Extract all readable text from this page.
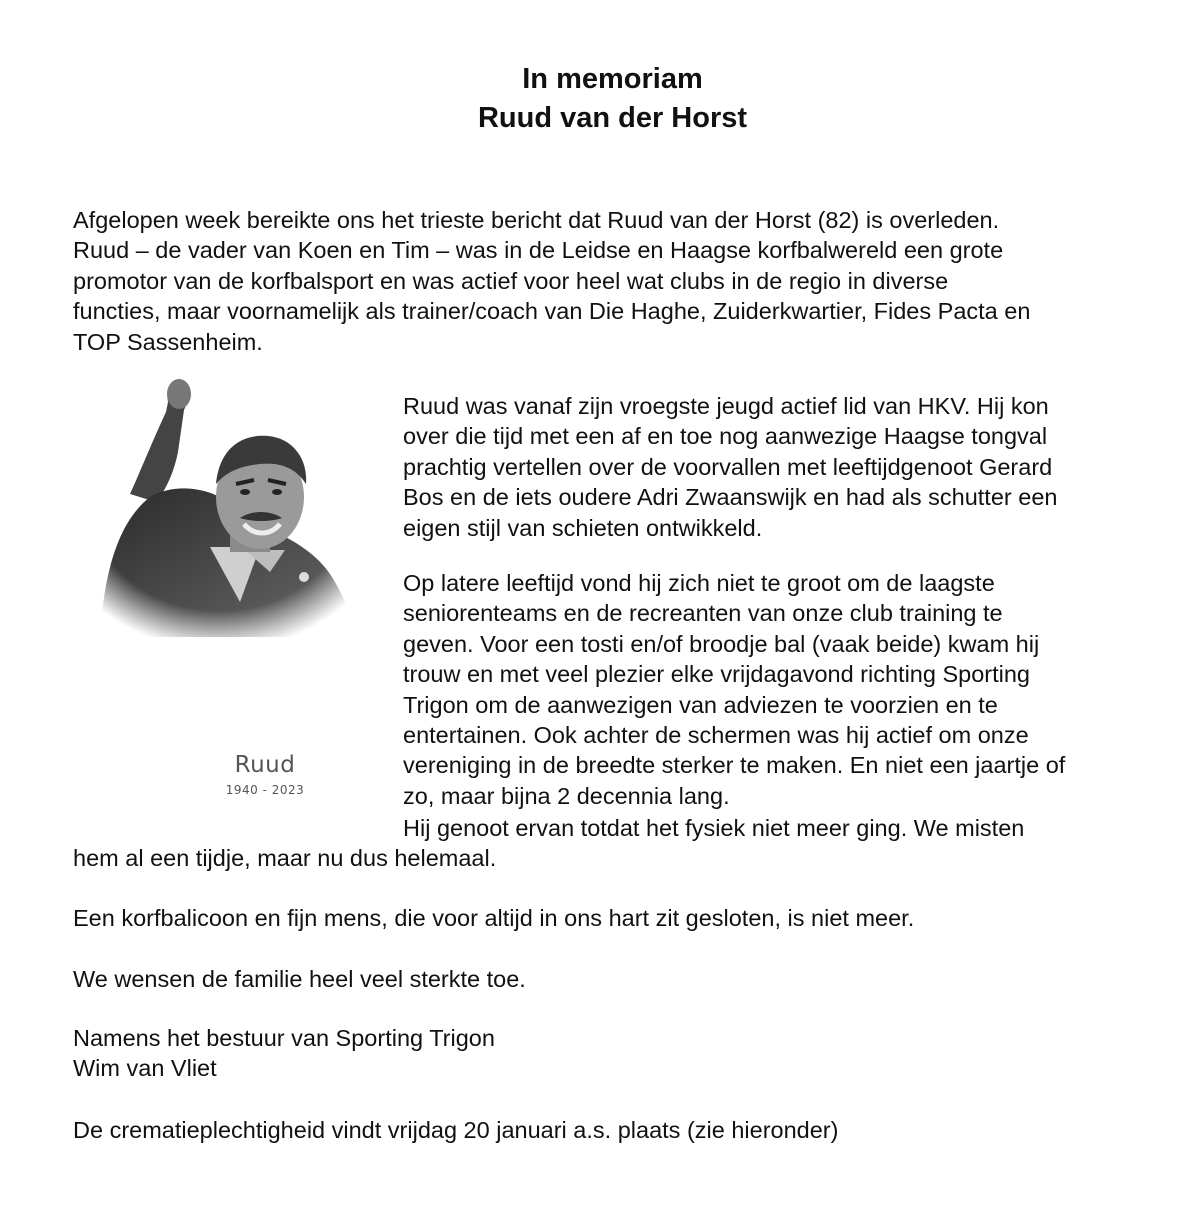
In memoriam
Ruud van der Horst
Afgelopen week bereikte ons het trieste bericht dat Ruud van der Horst (82) is overleden.
Ruud – de vader van Koen en Tim – was in de Leidse en Haagse korfbalwereld een grote
promotor van de korfbalsport en was actief voor heel wat clubs in de regio in diverse
functies, maar voornamelijk als trainer/coach van Die Haghe, Zuiderkwartier, Fides Pacta en
TOP Sassenheim.
Ruud
1940 - 2023
Ruud was vanaf zijn vroegste jeugd actief lid van HKV. Hij kon
over die tijd met een af en toe nog aanwezige Haagse tongval
prachtig vertellen over de voorvallen met leeftijdgenoot Gerard
Bos en de iets oudere Adri Zwaanswijk en had als schutter een
eigen stijl van schieten ontwikkeld.
Op latere leeftijd vond hij zich niet te groot om de laagste
seniorenteams en de recreanten van onze club training te
geven. Voor een tosti en/of broodje bal (vaak beide) kwam hij
trouw en met veel plezier elke vrijdagavond richting Sporting
Trigon om de aanwezigen van adviezen te voorzien en te
entertainen. Ook achter de schermen was hij actief om onze
vereniging in de breedte sterker te maken. En niet een jaartje of
zo, maar bijna 2 decennia lang.
Hij genoot ervan totdat het fysiek niet meer ging. We misten
hem al een tijdje, maar nu dus helemaal.
Een korfbalicoon en fijn mens, die voor altijd in ons hart zit gesloten, is niet meer.
We wensen de familie heel veel sterkte toe.
Namens het bestuur van Sporting Trigon
Wim van Vliet
De crematieplechtigheid vindt vrijdag 20 januari a.s. plaats (zie hieronder)
